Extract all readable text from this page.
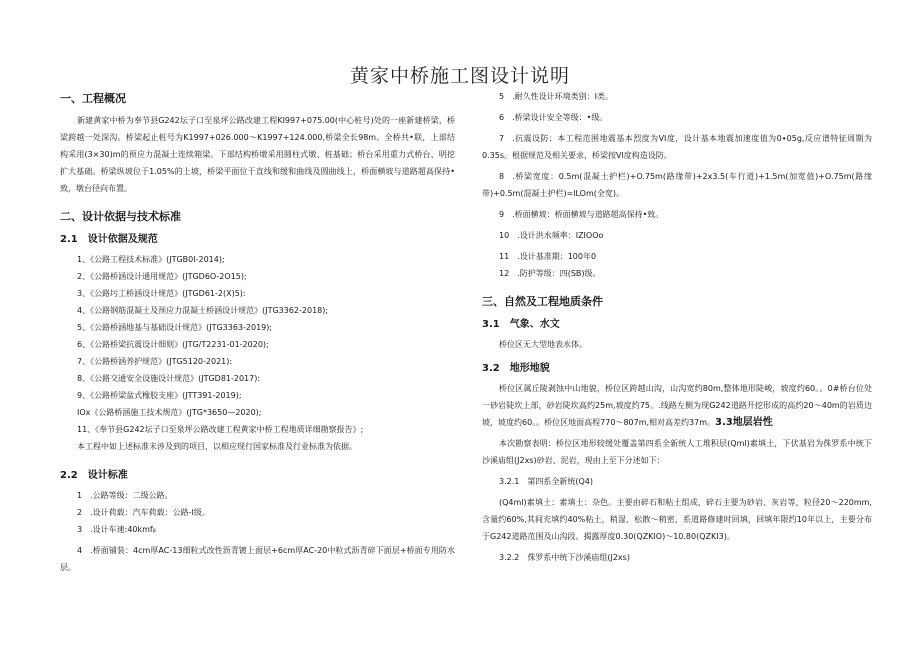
黄家中桥施工图设计说明
一、工程概况

新建黄家中桥为奉节县G242坛子口至泉坪公路改建工程KI997+075.00(中心桩号)处的一座新建桥梁，桥梁跨越一处深沟。桥梁起止桩号为K1997+026.000～K1997+124.000,桥梁全长98m。全桥共•联，上部结构采用(3×30)m的预应力混凝土连续箱梁。下部结构桥墩采用圆柱式墩、桩基础；桥台采用重力式桥台、明挖扩大基础。桥梁纵坡位于1.05%的上坡，桥梁平面位于直线和缓和曲线及圆曲线上，桥面横坡与道路超高保持•致，墩台径向布置。

二、设计依据与技术标准
2.1 设计依据及规范

1、《公路工程技术标准》(JTGB0I-2014);

2、《公路桥涵设计通用规范》(JTGD6O-2O15);

3、《公路圬工桥涵设计规范》(JTGD61-2(X)5):

4、《公路钢筋混凝土及预应力混凝土桥涵设计规范》(JTG3362-2018);

5、《公路桥涵地基与基础设计规范》(JTG3363-2019);

6、《公路桥梁抗震设计细则》(JTG/T2231-01-2020);

7、《公路桥涵养护规范》(JTG5120-2021):

8、《公路交通安全设施设计规范》(JTGD81-2017):

9、《公路桥梁盆式橡胶支座》(JTT391-2019);

IOx《公路桥涵施工技术规范》(JTG*3650—2020);

11、《奉节县G242坛子口至泉坪公路改建工程黄家中桥工程地质详细勘察报告》;

本工程中如上述标准未涉及到的项目，以相应现行国家标准及行业标准为依据。

2.2 设计标准

1 .公路等级：二级公路。

2 .设计荷载：汽车荷载：公路-I级。

3 .设计车速:40kmfᵦ

4 .桥面铺装：4cm厚AC-13细粒式改性沥青镀上面层+6cm厚AC-20中粒式沥青碎下面层+桥面专用防水层。

5 .耐久性设计环境类别：I类。

6 .桥梁设计安全等级：•级。

7 .抗震设防：本工程范围地震基本烈度为VI度，设计基本地震加速度值为0∙05g,反应谱特征周期为0.35s。根据规范及相关要求，桥梁按VI度构造设防。

8 .桥梁宽度：0.5m(混凝土护栏)+O.75m(路缘带)+2x3.5(车行道)+1.5m(加宽值)+O.75m(路缘带)+0.5m(混凝土护栏)=lLOm(全宽)。

9 .桥面横坡：桥面横坡与道路超高保持•致。

10 .设计洪水频率：IZIOOo

11 .设计基准期：100年0

12 .防护等级：四(SB)级。

三、自然及工程地质条件
3.1 气象、水文

桥位区无大型地表水体。

3.2 地形地貌

桥位区属丘陵剥蚀中山地貌，桥位区跨越山沟，山沟宽约80m,整体地形陡峻，坡度约60。。0#桥台位处一砂岩陡坎上部，砂岩陡坎高约25m,坡度约75。.线路左侧为现G242道路开挖形成的高约20～40m的岩质边坡，坡度约60。。桥位区地面高程770～807m,相对高差约37m。3.3地层岩性

本次勘察表明：桥位区地形较缓处覆盖第四系全新统人工堆积层(Qml)素填土，下伏基岩为侏罗系中统下沙溪庙组(J2xs)砂岩、泥岩，现由上至下分述如下：

3.2.1 第四系全新统(Q4)

(Q4ml)素填土：素填土：杂色。主要由碎石和粘土组成，碎石主要为砂岩、灰岩等，粒径20～220mm,含量约60%,其间充填约40%粘土，稍湿，松散～稍密，系道路修建时回填，回填年限约10年以上，主要分布于G242道路范围及山沟段。揭露厚度0.30(QZKIO)～10.80(QZKI3)。

3.2.2 侏罗系中统下沙溪庙组(J2xs)
